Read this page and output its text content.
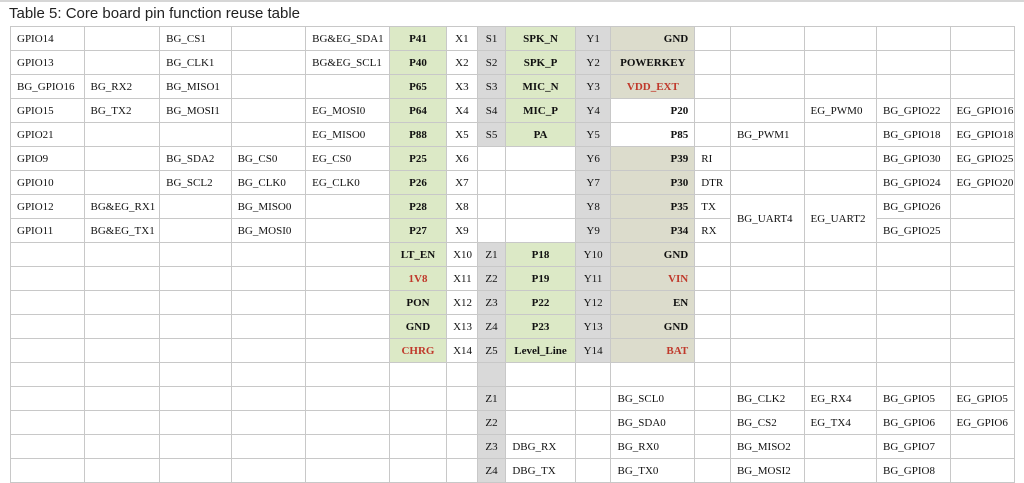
Table 5: Core board pin function reuse table
GPIO14		BG_CS1		BG&EG_SDA1	P41	X1	S1	SPK_N	Y1	GND					
GPIO13		BG_CLK1		BG&EG_SCL1	P40	X2	S2	SPK_P	Y2	POWERKEY					
BG_GPIO16	BG_RX2	BG_MISO1			P65	X3	S3	MIC_N	Y3	VDD_EXT					
GPIO15	BG_TX2	BG_MOSI1		EG_MOSI0	P64	X4	S4	MIC_P	Y4	P20			EG_PWM0	BG_GPIO22	EG_GPIO16
GPIO21				EG_MISO0	P88	X5	S5	PA	Y5	P85		BG_PWM1		BG_GPIO18	EG_GPIO18
GPIO9		BG_SDA2	BG_CS0	EG_CS0	P25	X6			Y6	P39	RI			BG_GPIO30	EG_GPIO25
GPIO10		BG_SCL2	BG_CLK0	EG_CLK0	P26	X7			Y7	P30	DTR			BG_GPIO24	EG_GPIO20
GPIO12	BG&EG_RX1		BG_MISO0		P28	X8			Y8	P35	TX	BG_UART4	EG_UART2	BG_GPIO26	
GPIO11	BG&EG_TX1		BG_MOSI0		P27	X9			Y9	P34	RX			BG_GPIO25	
					LT_EN	X10	Z1	P18	Y10	GND					
					1V8	X11	Z2	P19	Y11	VIN					
					PON	X12	Z3	P22	Y12	EN					
					GND	X13	Z4	P23	Y13	GND					
					CHRG	X14	Z5	Level_Line	Y14	BAT					

							Z1			BG_SCL0		BG_CLK2	EG_RX4	BG_GPIO5	EG_GPIO5
							Z2			BG_SDA0		BG_CS2	EG_TX4	BG_GPIO6	EG_GPIO6
							Z3	DBG_RX		BG_RX0		BG_MISO2		BG_GPIO7	
							Z4	DBG_TX		BG_TX0		BG_MOSI2		BG_GPIO8	
